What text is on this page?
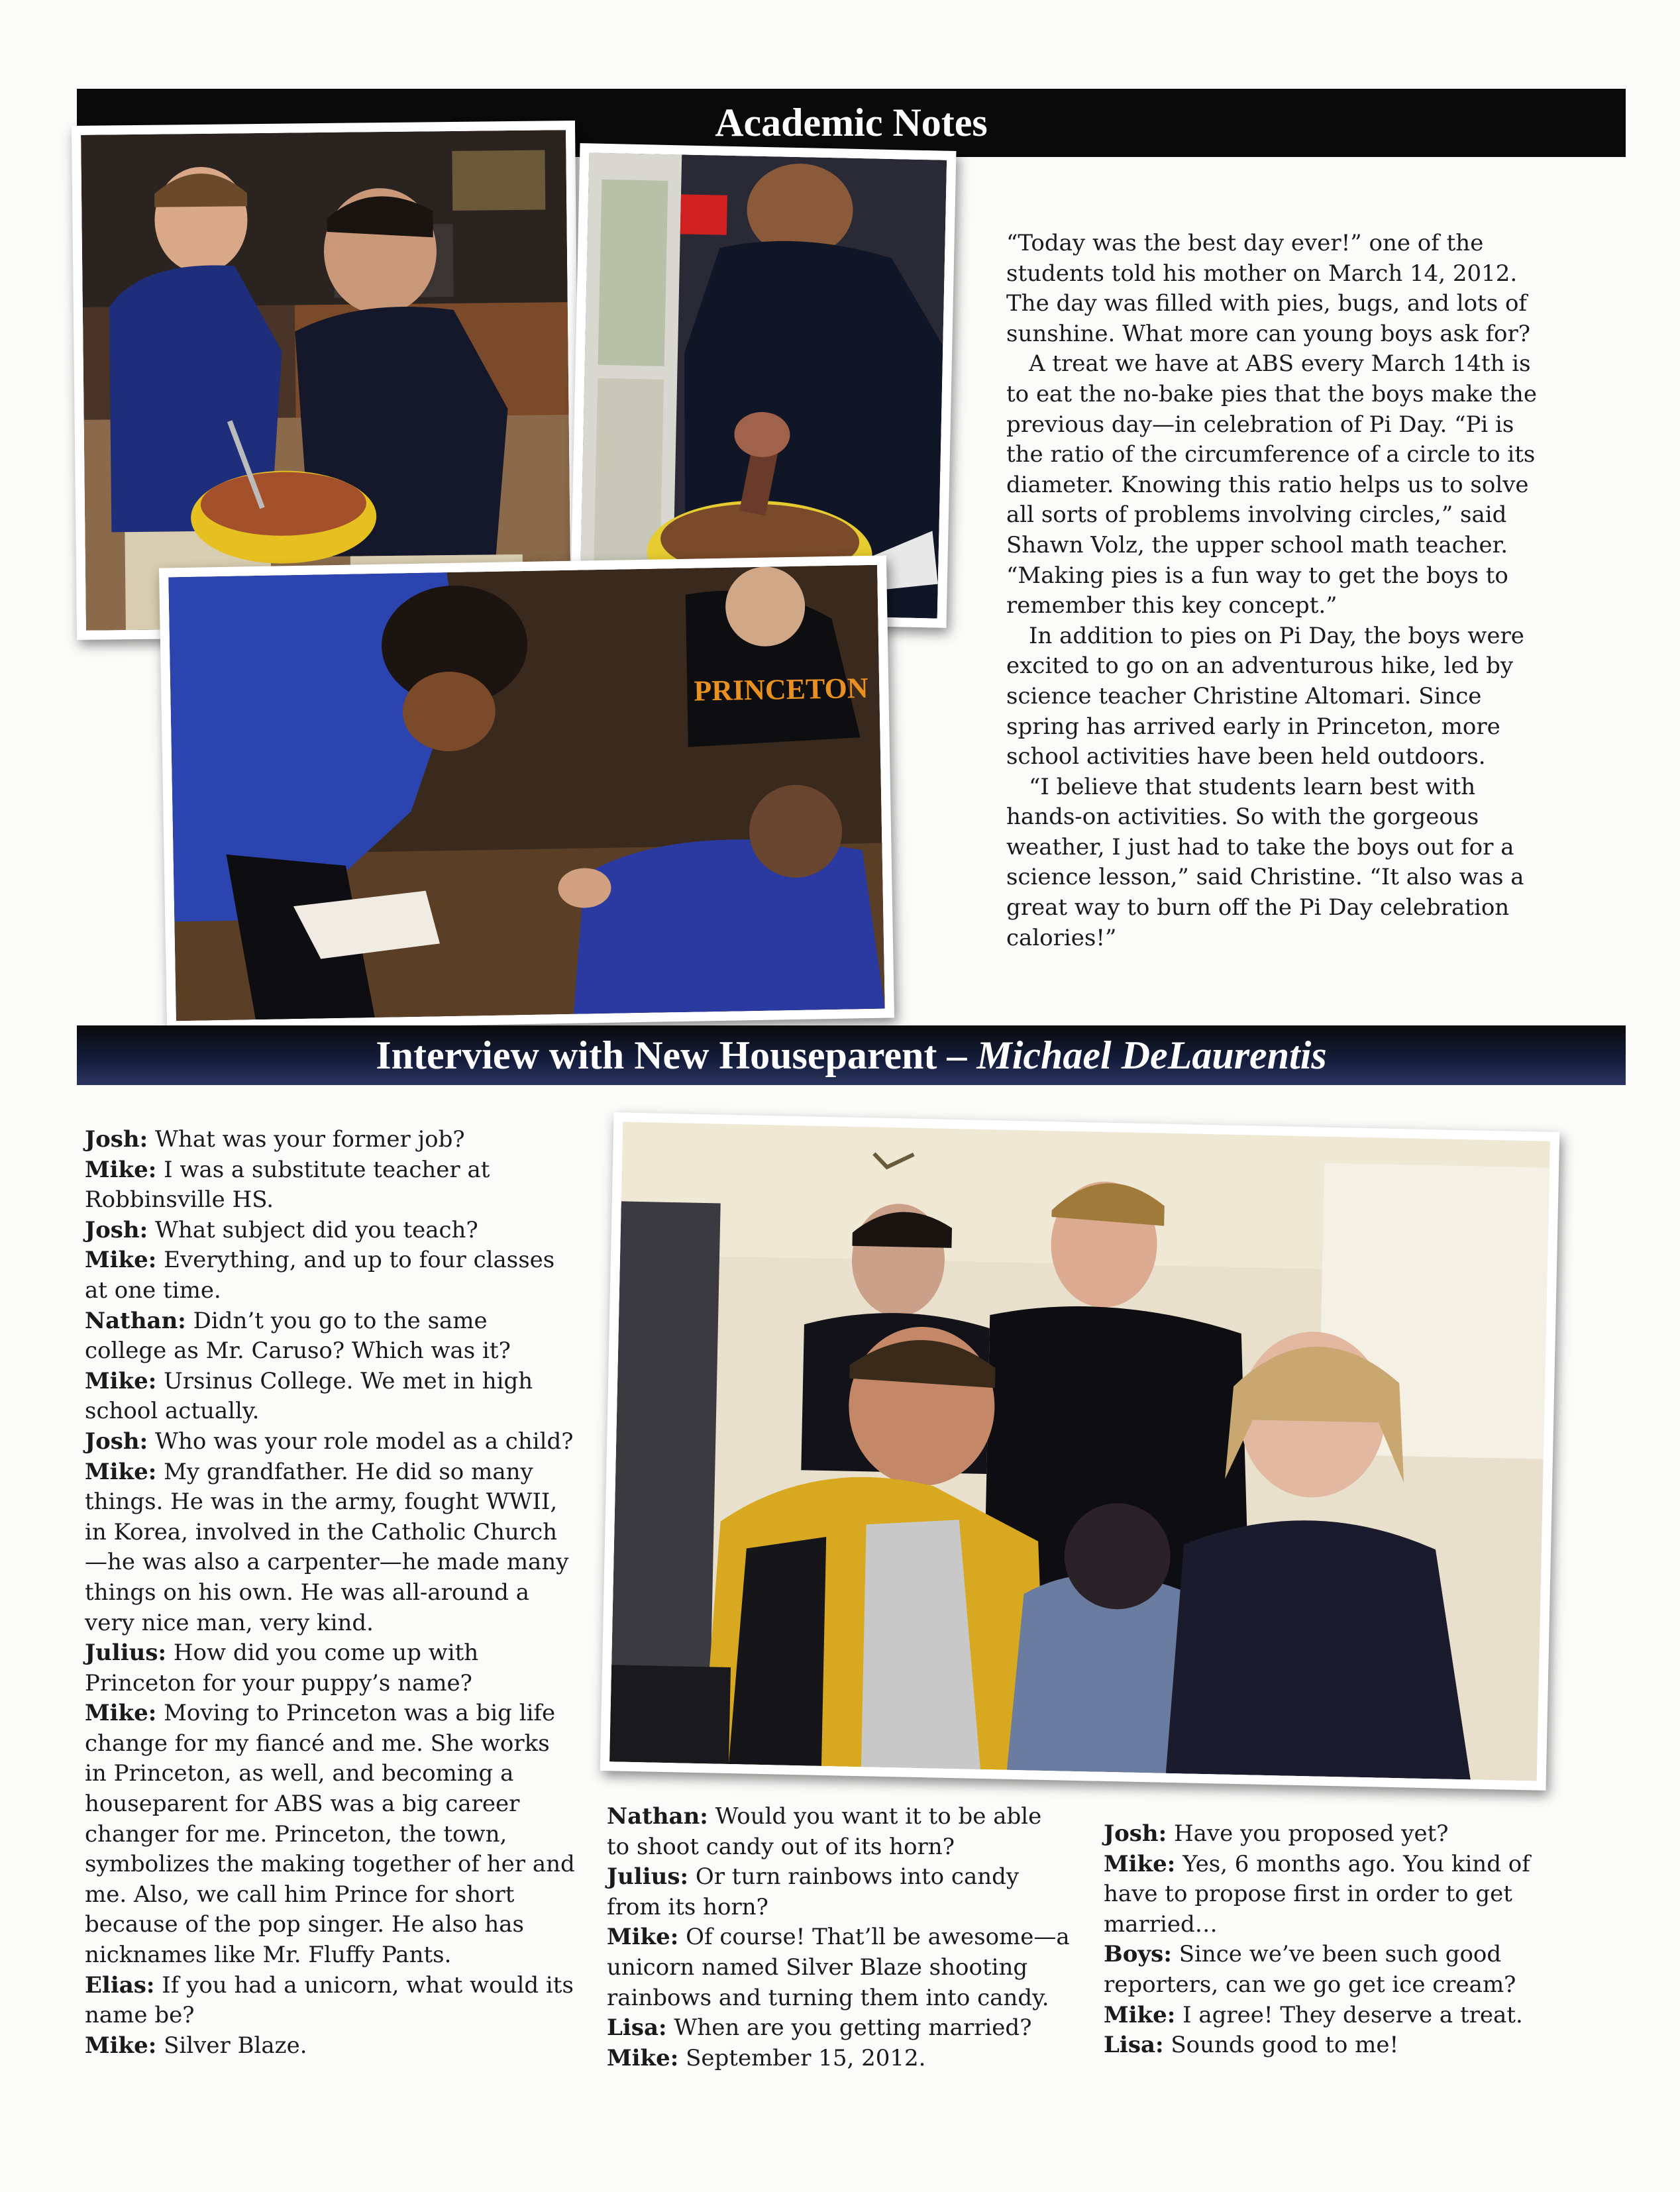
Academic Notes
PRINCETON

“Today was the best day ever!” one of the students told his mother on March 14, 2012. The day was filled with pies, bugs, and lots of sunshine. What more can young boys ask for?

A treat we have at ABS every March 14th is to eat the no-bake pies that the boys make the previous day—in celebration of Pi Day. “Pi is the ratio of the circumference of a circle to its diameter. Knowing this ratio helps us to solve all sorts of problems involving circles,” said Shawn Volz, the upper school math teacher. “Making pies is a fun way to get the boys to remember this key concept.”

In addition to pies on Pi Day, the boys were excited to go on an adventurous hike, led by science teacher Christine Altomari. Since spring has arrived early in Princeton, more school activities have been held outdoors.

“I believe that students learn best with hands-on activities. So with the gorgeous weather, I just had to take the boys out for a science lesson,” said Christine. “It also was a great way to burn off the Pi Day celebration calories!”

Interview with New Houseparent – Michael DeLaurentis

Josh: What was your former job?

Mike: I was a substitute teacher at Robbinsville HS.

Josh: What subject did you teach?

Mike: Everything, and up to four classes at one time.

Nathan: Didn’t you go to the same college as Mr. Caruso? Which was it?

Mike: Ursinus College. We met in high school actually.

Josh: Who was your role model as a child?

Mike: My grandfather. He did so many things. He was in the army, fought WWII, in Korea, involved in the Catholic Church—he was also a carpenter—he made many things on his own. He was all-around a very nice man, very kind.

Julius: How did you come up with Princeton for your puppy’s name?

Mike: Moving to Princeton was a big life change for my fiancé and me. She works in Princeton, as well, and becoming a houseparent for ABS was a big career changer for me. Princeton, the town, symbolizes the making together of her and me. Also, we call him Prince for short because of the pop singer. He also has nicknames like Mr. Fluffy Pants.

Elias: If you had a unicorn, what would its name be?

Mike: Silver Blaze.

Nathan: Would you want it to be able to shoot candy out of its horn?

Julius: Or turn rainbows into candy from its horn?

Mike: Of course! That’ll be awesome—a unicorn named Silver Blaze shooting rainbows and turning them into candy.

Lisa: When are you getting married?

Mike: September 15, 2012.

Josh: Have you proposed yet?

Mike: Yes, 6 months ago. You kind of have to propose first in order to get married…

Boys: Since we’ve been such good reporters, can we go get ice cream?

Mike: I agree! They deserve a treat.

Lisa: Sounds good to me!
